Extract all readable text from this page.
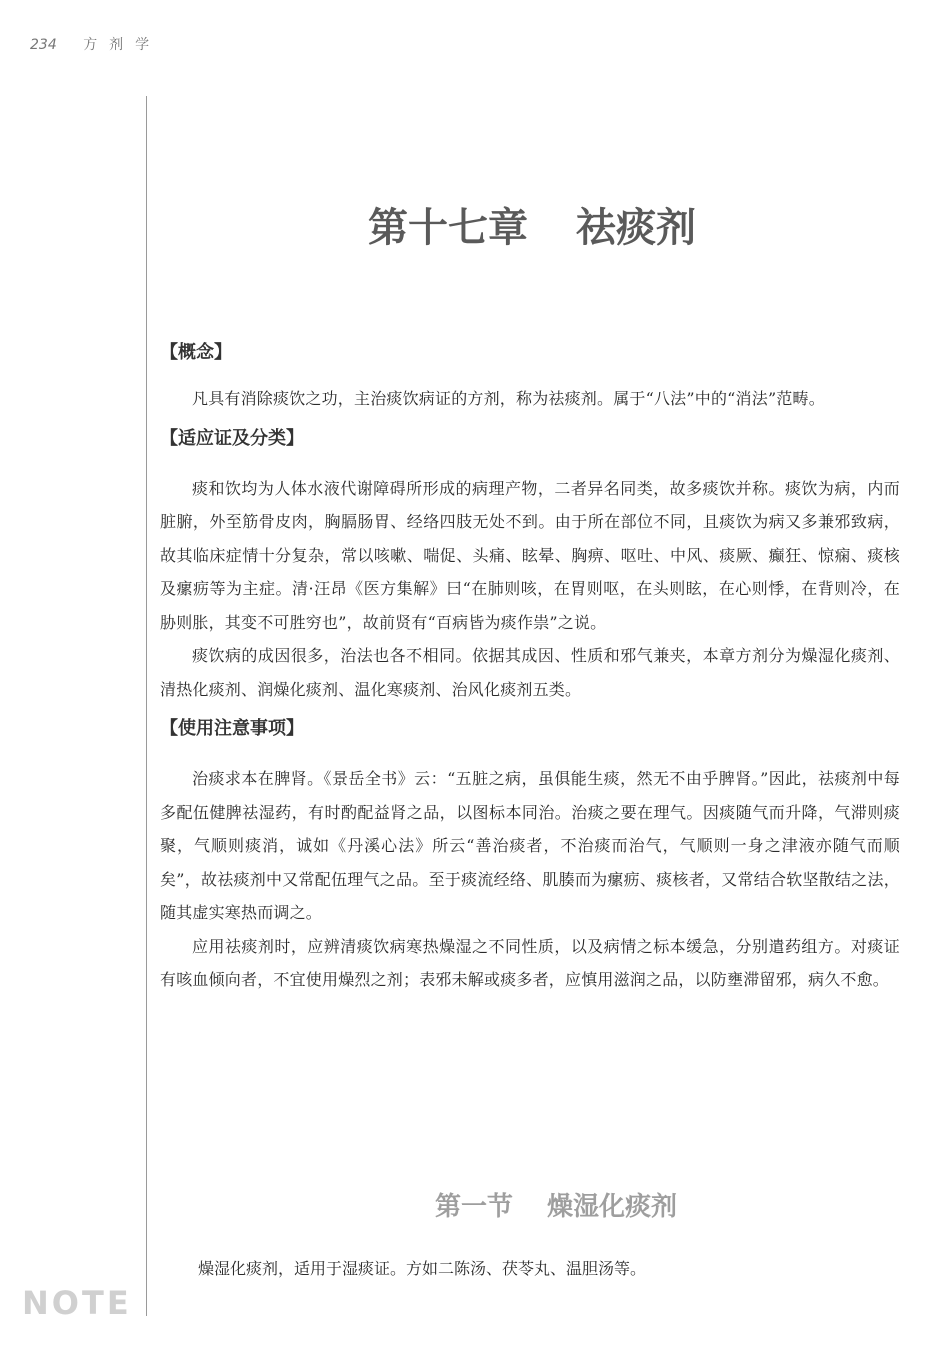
234 方剂学
第十七章 祛痰剂
【概念】

凡具有消除痰饮之功，主治痰饮病证的方剂，称为祛痰剂。属于“八法”中的“消法”范畴。

【适应证及分类】

痰和饮均为人体水液代谢障碍所形成的病理产物，二者异名同类，故多痰饮并称。痰饮为病，内而脏腑，外至筋骨皮肉，胸膈肠胃、经络四肢无处不到。由于所在部位不同，且痰饮为病又多兼邪致病，故其临床症情十分复杂，常以咳嗽、喘促、头痛、眩晕、胸痹、呕吐、中风、痰厥、癫狂、惊痫、痰核及瘰疬等为主症。清·汪昂《医方集解》曰“在肺则咳，在胃则呕，在头则眩，在心则悸，在背则冷，在胁则胀，其变不可胜穷也”，故前贤有“百病皆为痰作祟”之说。

痰饮病的成因很多，治法也各不相同。依据其成因、性质和邪气兼夹，本章方剂分为燥湿化痰剂、清热化痰剂、润燥化痰剂、温化寒痰剂、治风化痰剂五类。

【使用注意事项】

治痰求本在脾肾。《景岳全书》云：“五脏之病，虽俱能生痰，然无不由乎脾肾。”因此，祛痰剂中每多配伍健脾祛湿药，有时酌配益肾之品，以图标本同治。治痰之要在理气。因痰随气而升降，气滞则痰聚，气顺则痰消，诚如《丹溪心法》所云“善治痰者，不治痰而治气，气顺则一身之津液亦随气而顺矣”，故祛痰剂中又常配伍理气之品。至于痰流经络、肌腠而为瘰疬、痰核者，又常结合软坚散结之法，随其虚实寒热而调之。

应用祛痰剂时，应辨清痰饮病寒热燥湿之不同性质，以及病情之标本缓急，分别遣药组方。对痰证有咳血倾向者，不宜使用燥烈之剂；表邪未解或痰多者，应慎用滋润之品，以防壅滞留邪，病久不愈。

第一节 燥湿化痰剂
燥湿化痰剂，适用于湿痰证。方如二陈汤、茯苓丸、温胆汤等。
NOTE
